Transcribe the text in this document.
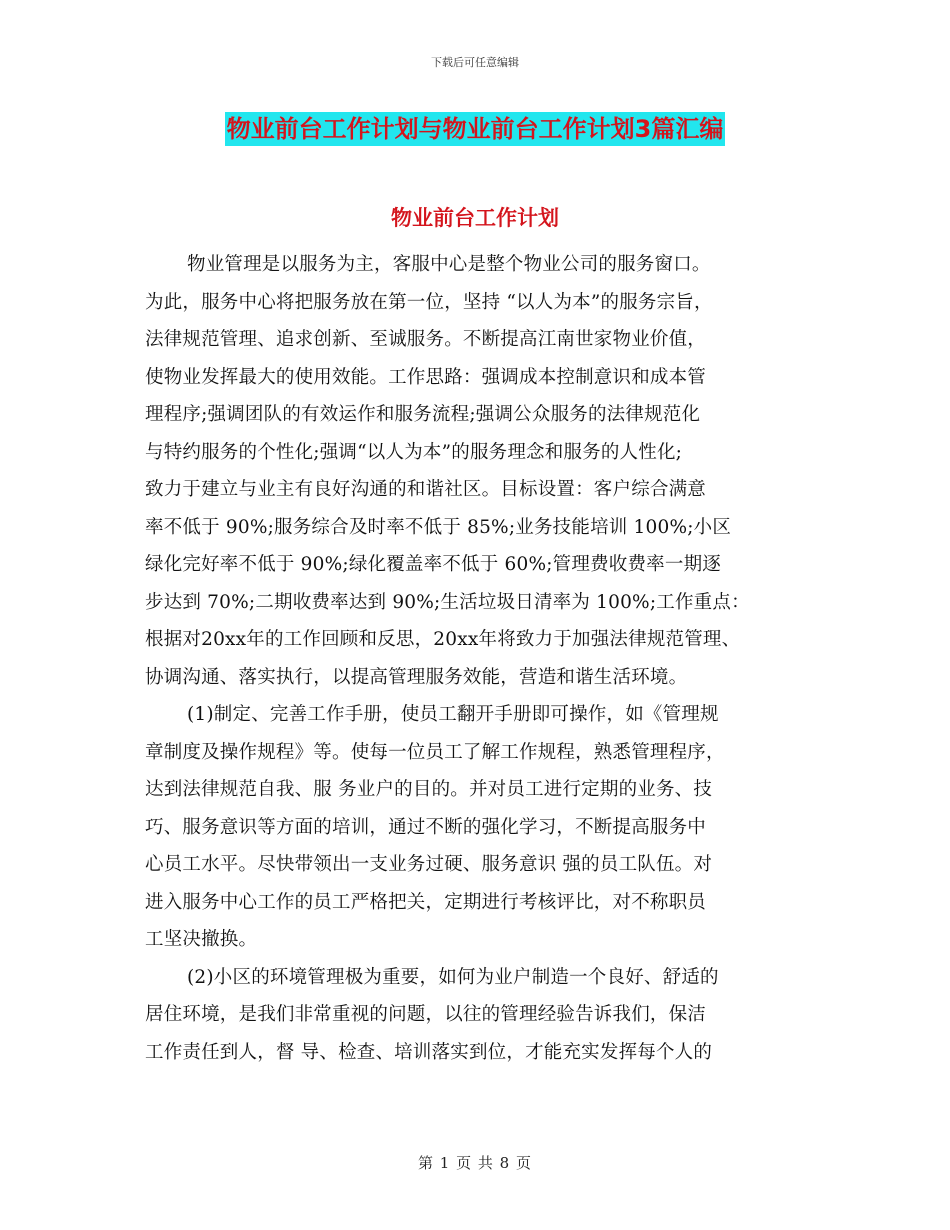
下载后可任意编辑
物业前台工作计划与物业前台工作计划3篇汇编
物业前台工作计划
物业管理是以服务为主，客服中心是整个物业公司的服务窗口。
为此，服务中心将把服务放在第一位，坚持 “以人为本”的服务宗旨，
法律规范管理、追求创新、至诚服务。不断提高江南世家物业价值，
使物业发挥最大的使用效能。工作思路：强调成本控制意识和成本管
理程序;强调团队的有效运作和服务流程;强调公众服务的法律规范化
与特约服务的个性化;强调“以人为本”的服务理念和服务的人性化;
致力于建立与业主有良好沟通的和谐社区。目标设置：客户综合满意
率不低于 90%;服务综合及时率不低于 85%;业务技能培训 100%;小区
绿化完好率不低于 90%;绿化覆盖率不低于 60%;管理费收费率一期逐
步达到 70%;二期收费率达到 90%;生活垃圾日清率为 100%;工作重点：
根据对20xx年的工作回顾和反思，20xx年将致力于加强法律规范管理、
协调沟通、落实执行，以提高管理服务效能，营造和谐生活环境。
(1)制定、完善工作手册，使员工翻开手册即可操作，如《管理规
章制度及操作规程》等。使每一位员工了解工作规程，熟悉管理程序，
达到法律规范自我、服 务业户的目的。并对员工进行定期的业务、技
巧、服务意识等方面的培训，通过不断的强化学习，不断提高服务中
心员工水平。尽快带领出一支业务过硬、服务意识 强的员工队伍。对
进入服务中心工作的员工严格把关，定期进行考核评比，对不称职员
工坚决撤换。
(2)小区的环境管理极为重要，如何为业户制造一个良好、舒适的
居住环境，是我们非常重视的问题，以往的管理经验告诉我们，保洁
工作责任到人，督 导、检查、培训落实到位，才能充实发挥每个人的
第 1 页 共 8 页
